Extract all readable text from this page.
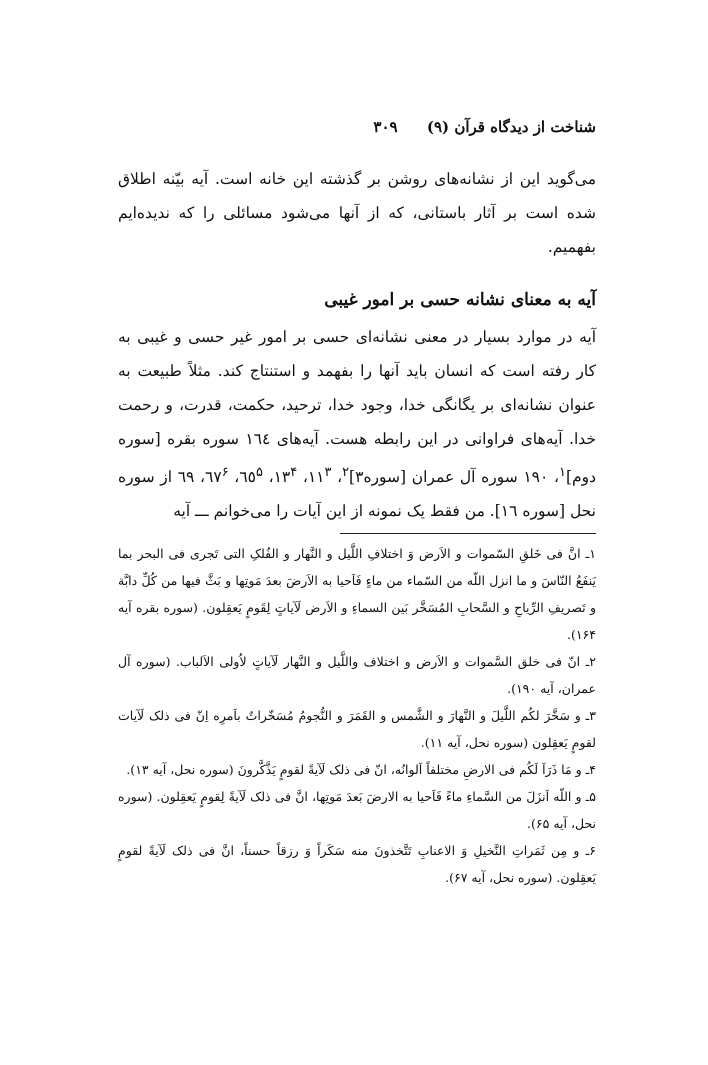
شناخت از دیدگاه قرآن (۹) ۳۰۹

می‌گوید این از نشانه‌های روشن بر گذشته این خانه است. آیه بیّنه اطلاق شده است بر آثار باستانی، که از آنها می‌شود مسائلی را که ندیده‌ایم بفهمیم.

آیه به معنای نشانه حسی بر امور غیبی

آیه در موارد بسیار در معنی نشانه‌ای حسی بر امور غیر حسی و غیبی به کار رفته است که انسان باید آنها را بفهمد و استنتاج کند. مثلاً طبیعت به عنوان نشانه‌ای بر یگانگی خدا، وجود خدا، ترحید، حکمت، قدرت، و رحمت خدا. آیه‌های فراوانی در این رابطه هست. آیه‌های ١٦٤ سوره بقره [سوره دوم]$^۱$، ١٩٠ سوره آل عمران [سوره۳]$^۲$، $١١^۳،$ $١٣^۴،$ $٦٥^۵،$ $٦٧^۶،$ ٦٩ از سوره نحل [سوره ١٦]. من فقط یک نمونه از این آیات را می‌خوانم ـــ آیه

۱ـ انَّ فی خَلقِ السّموات و الاَرض وَ اختلافِ اللَّیل و النَّهار و الفُلکِ التی تَجری فی البحر بما یَنفَعُ النّاسَ و ما انزل اللّه من السّماء من ماءٍ فَاَحیا به الاَرضَ بعدَ مَوتِها و بَثَّ فیها من کُلِّ دابَّة و تَصریفِ الرِّیاحِ و السَّحابِ المُسَخَّر بَین السماءِ و الاَرض لَآیاتٍ لِقَومٍ یَعقِلون. (سوره بقره آیه ۱۶۴).

۲ـ انّ فی خلق السَّموات و الاَرض و اختلاف واللَّیل و النَّهار لَآیاتٍ لاُولی الاَلباب. (سوره آل عمران، آیه ۱۹۰).

۳ـ و سَخَّرَ لکُم اللَّیلَ و النَّهارَ و الشَّمس و القَمَرَ و النُّجومُ مُسَخّراتٌ باَمرِه اِنّ فی ذلک لَآیات لقومٍ یَعقِلون (سوره نحل، آیه ۱۱).

۴ـ و مَا ذَرَاَ لَکُم فی الارضِ مختلفاً اَلوانُه، انّ فی ذلک لَآیةً لقومٍ یَذَّکَّرونَ (سوره نحل، آیه ۱۳).

۵ـ و اللّه اَنزَلَ من السَّماءِ ماءً فَاَحیا به الارضَ بَعدَ مَوتِها، انَّ فی ذلک لَآیةً لِقومٍ یَعقِلون. (سوره نحل، آیه ۶۵).

۶ـ و مِن ثَمَراتِ النَّخیلِ وَ الاعنابِ تَتَّخذونَ منه سَکَراً وَ رزقاً حسناً، انَّ فی ذلک لَآیةً لقومٍ یَعقِلون. (سوره نحل، آیه ۶۷).
